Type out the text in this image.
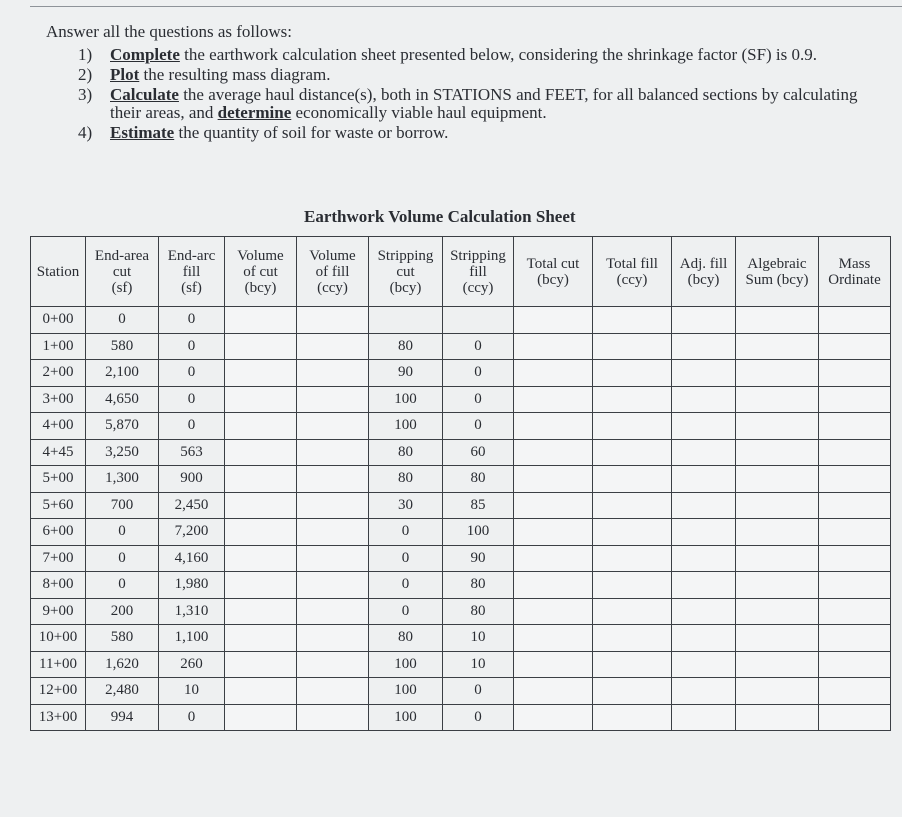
Answer all the questions as follows:
1)	Complete the earthwork calculation sheet presented below, considering the shrinkage factor (SF) is 0.9.
2)	Plot the resulting mass diagram.
3)	Calculate the average haul distance(s), both in STATIONS and FEET, for all balanced sections by calculating their areas, and determine economically viable haul equipment.
4)	Estimate the quantity of soil for waste or borrow.
Earthwork Volume Calculation Sheet
Station	End-area
cut
(sf)	End-arc
fill
(sf)	Volume
of cut
(bcy)	Volume
of fill
(ccy)	Stripping
cut
(bcy)	Stripping
fill
(ccy)	Total cut
(bcy)	Total fill
(ccy)	Adj. fill
(bcy)	Algebraic
Sum (bcy)	Mass
Ordinate
0+00	0	0									
1+00	580	0			80	0					
2+00	2,100	0			90	0					
3+00	4,650	0			100	0					
4+00	5,870	0			100	0					
4+45	3,250	563			80	60					
5+00	1,300	900			80	80					
5+60	700	2,450			30	85					
6+00	0	7,200			0	100					
7+00	0	4,160			0	90					
8+00	0	1,980			0	80					
9+00	200	1,310			0	80					
10+00	580	1,100			80	10					
11+00	1,620	260			100	10					
12+00	2,480	10			100	0					
13+00	994	0			100	0					
